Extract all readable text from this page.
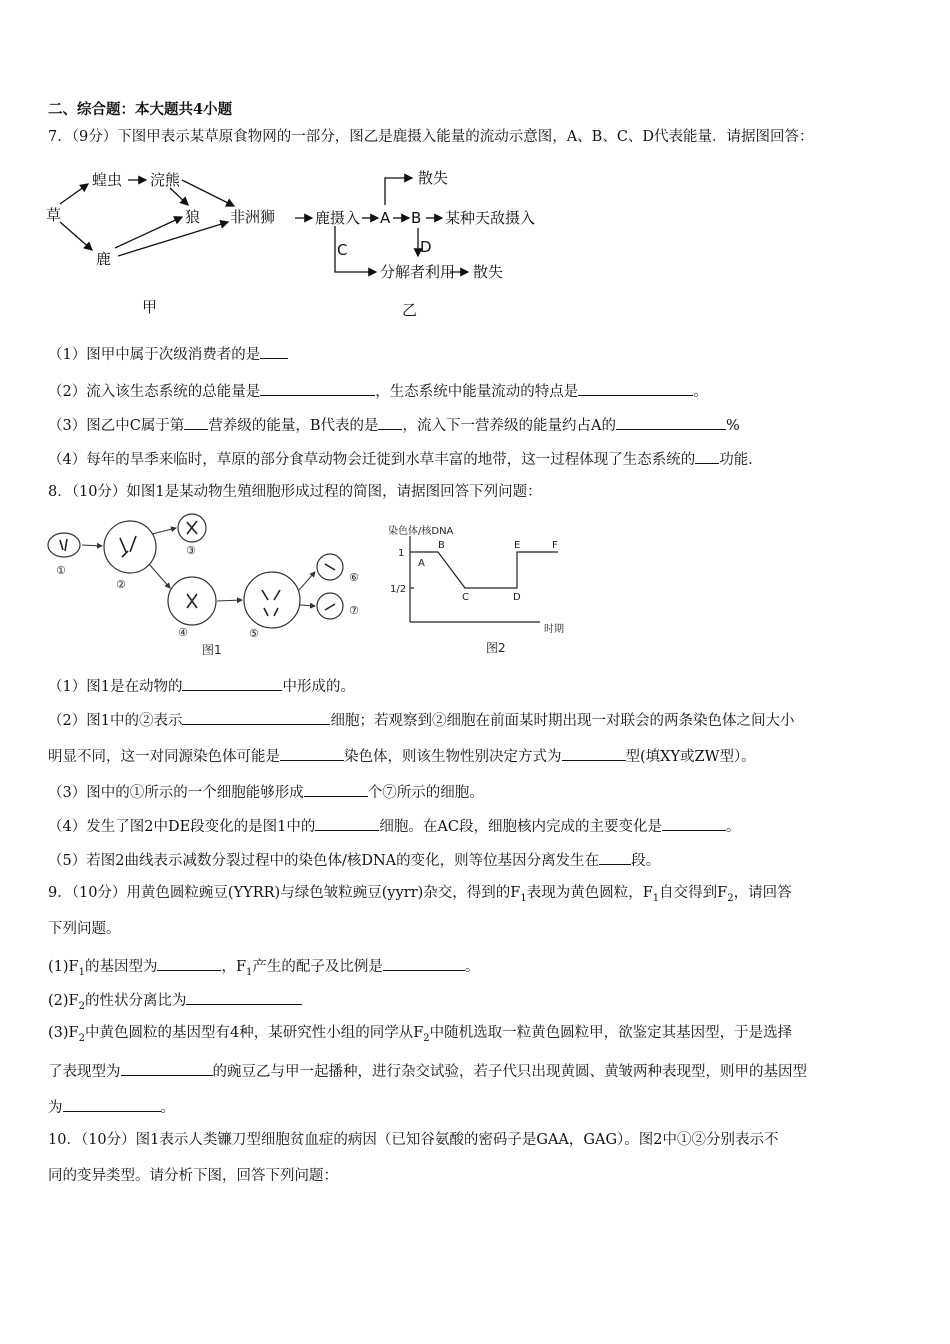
二、综合题：本大题共4小题
7．（9分）下图甲表示某草原食物网的一部分，图乙是鹿摄入能量的流动示意图，A、B、C、D代表能量．请据图回答：
草
蝗虫 浣熊
鹿
狼 非洲狮
甲
鹿摄入 A B 某种天敌摄入
散失
C	D
分解者利用 散失
乙
（1）图甲中属于次级消费者的是
（2）流入该生态系统的总能量是	，生态系统中能量流动的特点是	。
（3）图乙中C属于第 营养级的能量，B代表的是 ，流入下一营养级的能量约占A的	%
（4）每年的旱季来临时，草原的部分食草动物会迁徙到水草丰富的地带，这一过程体现了生态系统的 功能．
8．（10分）如图1是某动物生殖细胞形成过程的简图，请据图回答下列问题：
①
②
③
④	⑤
⑥
⑦
图1
染色体/核DNA
1
1/2
A
B
C	D
E	F
时期
图2
（1）图1是在动物的	中形成的。
（2）图1中的②表示	细胞；若观察到②细胞在前面某时期出现一对联会的两条染色体之间大小
明显不同，这一对同源染色体可能是	染色体，则该生物性别决定方式为	型(填XY或ZW型）。
（3）图中的①所示的一个细胞能够形成	个⑦所示的细胞。
（4）发生了图2中DE段变化的是图1中的	细胞。在AC段，细胞核内完成的主要变化是	。
（5）若图2曲线表示减数分裂过程中的染色体/核DNA的变化，则等位基因分离发生在 段。
9．（10分）用黄色圆粒豌豆(YYRR)与绿色皱粒豌豆(yyrr)杂交，得到的$F_1$表现为黄色圆粒，$F_1$自交得到$F_2$，请回答
下列问题。
$(1)F_1$的基因型为	，$F_1$产生的配子及比例是	。
$(2)F_2$的性状分离比为
$(3)F_2$中黄色圆粒的基因型有4种，某研究性小组的同学从$F_2$中随机选取一粒黄色圆粒甲，欲鉴定其基因型，于是选择
了表现型为	的豌豆乙与甲一起播种，进行杂交试验，若子代只出现黄圆、黄皱两种表现型，则甲的基因型
为	。
10．（10分）图1表示人类镰刀型细胞贫血症的病因（已知谷氨酸的密码子是GAA，GAG）。图2中①②分别表示不
同的变异类型。请分析下图，回答下列问题：
